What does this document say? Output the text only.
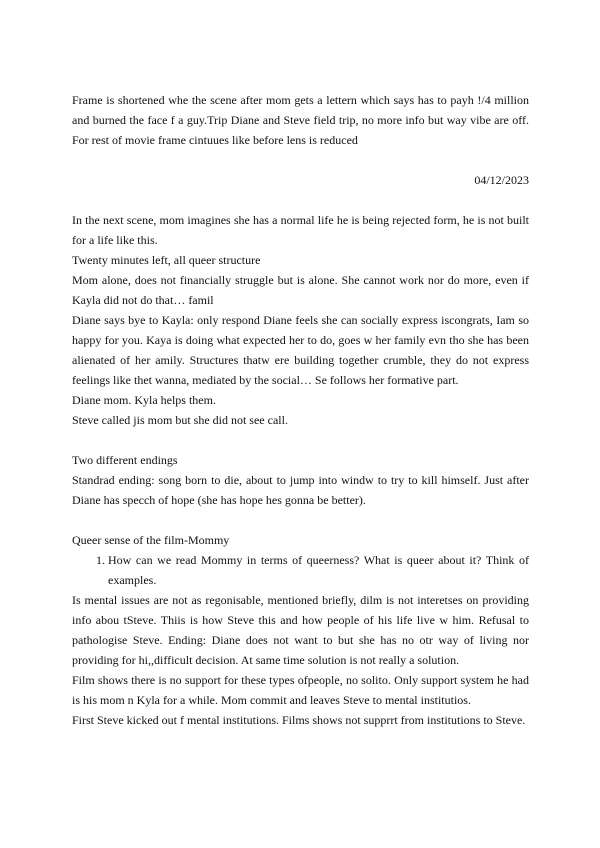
Frame is shortened whe the scene after mom gets a lettern which says has to payh !/4 million and burned the face f a guy.Trip Diane and Steve field trip, no more info but way vibe are off. For rest of movie frame cintuues like before lens is reduced

04/12/2023

In the next scene, mom imagines she has a normal life he is being rejected form, he is not built for a life like this.

Twenty minutes left, all queer structure

Mom alone, does not financially struggle but is alone. She cannot work nor do more, even if Kayla did not do that… famil

Diane says bye to Kayla: only respond Diane feels she can socially express iscongrats, Iam so happy for you. Kaya is doing what expected her to do, goes w her family evn tho she has been alienated of her amily. Structures thatw ere building together crumble, they do not express feelings like thet wanna, mediated by the social… Se follows her formative part.

Diane mom. Kyla helps them.

Steve called jis mom but she did not see call.

Two different endings

Standrad ending: song born to die, about to jump into windw to try to kill himself. Just after Diane has specch of hope (she has hope hes gonna be better).

Queer sense of the film-Mommy

1. How can we read Mommy in terms of queerness? What is queer about it? Think of examples.

Is mental issues are not as regonisable, mentioned briefly, dilm is not interetses on providing info abou tSteve. Thiis is how Steve this and how people of his life live w him. Refusal to pathologise Steve. Ending: Diane does not want to but she has no otr way of living nor providing for hi,,difficult decision. At same time solution is not really a solution.

Film shows there is no support for these types ofpeople, no solito. Only support system he had is his mom n Kyla for a while. Mom commit and leaves Steve to mental institutios.

First Steve kicked out f mental institutions. Films shows not supprrt from institutions to Steve.
